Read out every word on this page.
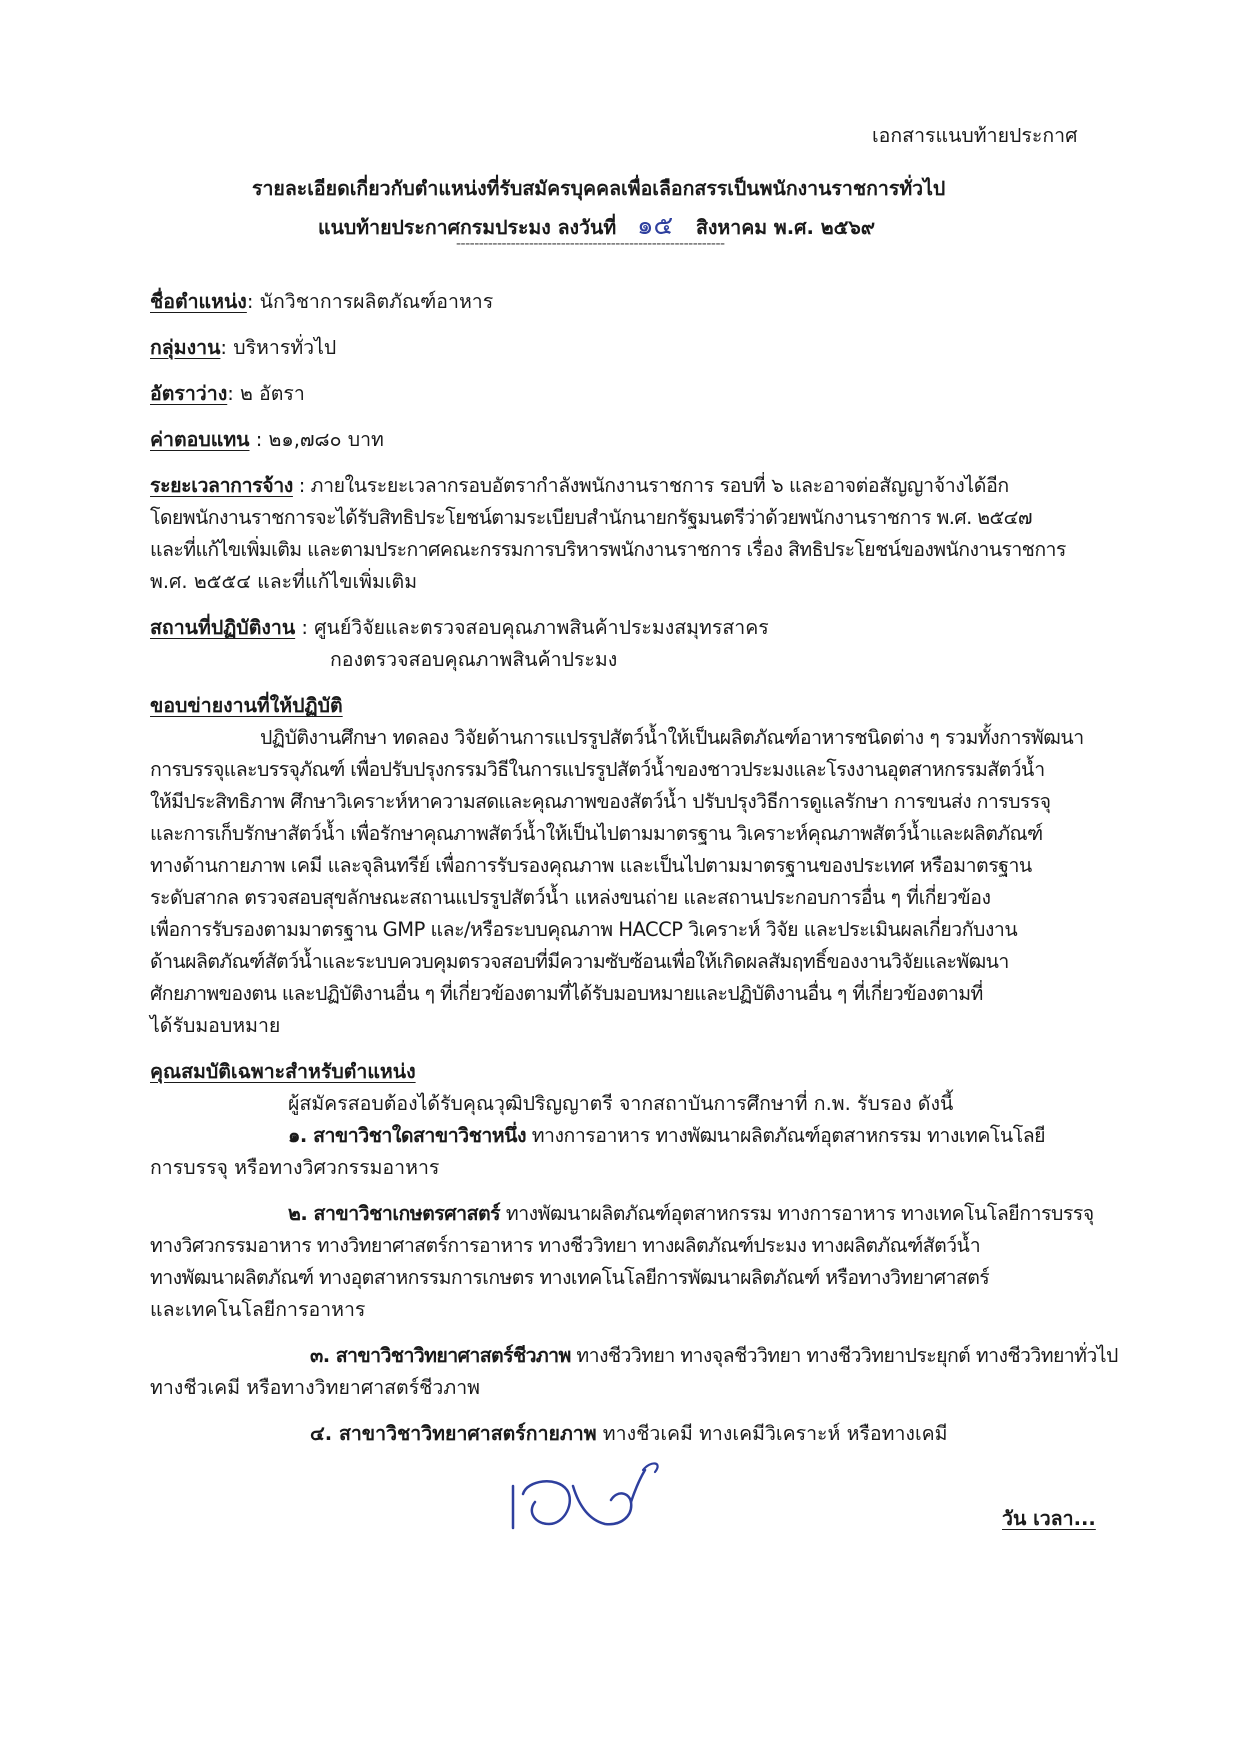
เอกสารแนบท้ายประกาศ
รายละเอียดเกี่ยวกับตำแหน่งที่รับสมัครบุคคลเพื่อเลือกสรรเป็นพนักงานราชการทั่วไป
แนบท้ายประกาศกรมประมง ลงวันที่ ๑๕ สิงหาคม พ.ศ. ๒๕๖๙
-----------------------------------------------------------
ชื่อตำแหน่ง: นักวิชาการผลิตภัณฑ์อาหาร
กลุ่มงาน: บริหารทั่วไป
อัตราว่าง: ๒ อัตรา
ค่าตอบแทน : ๒๑,๗๘๐ บาท
ระยะเวลาการจ้าง : ภายในระยะเวลากรอบอัตรากำลังพนักงานราชการ รอบที่ ๖ และอาจต่อสัญญาจ้างได้อีก
โดยพนักงานราชการจะได้รับสิทธิประโยชน์ตามระเบียบสำนักนายกรัฐมนตรีว่าด้วยพนักงานราชการ พ.ศ. ๒๕๔๗
และที่แก้ไขเพิ่มเติม และตามประกาศคณะกรรมการบริหารพนักงานราชการ เรื่อง สิทธิประโยชน์ของพนักงานราชการ
พ.ศ. ๒๕๕๔ และที่แก้ไขเพิ่มเติม
สถานที่ปฏิบัติงาน : ศูนย์วิจัยและตรวจสอบคุณภาพสินค้าประมงสมุทรสาคร
กองตรวจสอบคุณภาพสินค้าประมง
ขอบข่ายงานที่ให้ปฏิบัติ
ปฏิบัติงานศึกษา ทดลอง วิจัยด้านการแปรรูปสัตว์น้ำให้เป็นผลิตภัณฑ์อาหารชนิดต่าง ๆ รวมทั้งการพัฒนา
การบรรจุและบรรจุภัณฑ์ เพื่อปรับปรุงกรรมวิธีในการแปรรูปสัตว์น้ำของชาวประมงและโรงงานอุตสาหกรรมสัตว์น้ำ
ให้มีประสิทธิภาพ ศึกษาวิเคราะห์หาความสดและคุณภาพของสัตว์น้ำ ปรับปรุงวิธีการดูแลรักษา การขนส่ง การบรรจุ
และการเก็บรักษาสัตว์น้ำ เพื่อรักษาคุณภาพสัตว์น้ำให้เป็นไปตามมาตรฐาน วิเคราะห์คุณภาพสัตว์น้ำและผลิตภัณฑ์
ทางด้านกายภาพ เคมี และจุลินทรีย์ เพื่อการรับรองคุณภาพ และเป็นไปตามมาตรฐานของประเทศ หรือมาตรฐาน
ระดับสากล ตรวจสอบสุขลักษณะสถานแปรรูปสัตว์น้ำ แหล่งขนถ่าย และสถานประกอบการอื่น ๆ ที่เกี่ยวข้อง
เพื่อการรับรองตามมาตรฐาน GMP และ/หรือระบบคุณภาพ HACCP วิเคราะห์ วิจัย และประเมินผลเกี่ยวกับงาน
ด้านผลิตภัณฑ์สัตว์น้ำและระบบควบคุมตรวจสอบที่มีความซับซ้อนเพื่อให้เกิดผลสัมฤทธิ์ของงานวิจัยและพัฒนา
ศักยภาพของตน และปฏิบัติงานอื่น ๆ ที่เกี่ยวข้องตามที่ได้รับมอบหมายและปฏิบัติงานอื่น ๆ ที่เกี่ยวข้องตามที่
ได้รับมอบหมาย
คุณสมบัติเฉพาะสำหรับตำแหน่ง
ผู้สมัครสอบต้องได้รับคุณวุฒิปริญญาตรี จากสถาบันการศึกษาที่ ก.พ. รับรอง ดังนี้
๑. สาขาวิชาใดสาขาวิชาหนึ่ง ทางการอาหาร ทางพัฒนาผลิตภัณฑ์อุตสาหกรรม ทางเทคโนโลยี
การบรรจุ หรือทางวิศวกรรมอาหาร
๒. สาขาวิชาเกษตรศาสตร์ ทางพัฒนาผลิตภัณฑ์อุตสาหกรรม ทางการอาหาร ทางเทคโนโลยีการบรรจุ
ทางวิศวกรรมอาหาร ทางวิทยาศาสตร์การอาหาร ทางชีววิทยา ทางผลิตภัณฑ์ประมง ทางผลิตภัณฑ์สัตว์น้ำ
ทางพัฒนาผลิตภัณฑ์ ทางอุตสาหกรรมการเกษตร ทางเทคโนโลยีการพัฒนาผลิตภัณฑ์ หรือทางวิทยาศาสตร์
และเทคโนโลยีการอาหาร
๓. สาขาวิชาวิทยาศาสตร์ชีวภาพ ทางชีววิทยา ทางจุลชีววิทยา ทางชีววิทยาประยุกต์ ทางชีววิทยาทั่วไป
ทางชีวเคมี หรือทางวิทยาศาสตร์ชีวภาพ
๔. สาขาวิชาวิทยาศาสตร์กายภาพ ทางชีวเคมี ทางเคมีวิเคราะห์ หรือทางเคมี
วัน เวลา...
